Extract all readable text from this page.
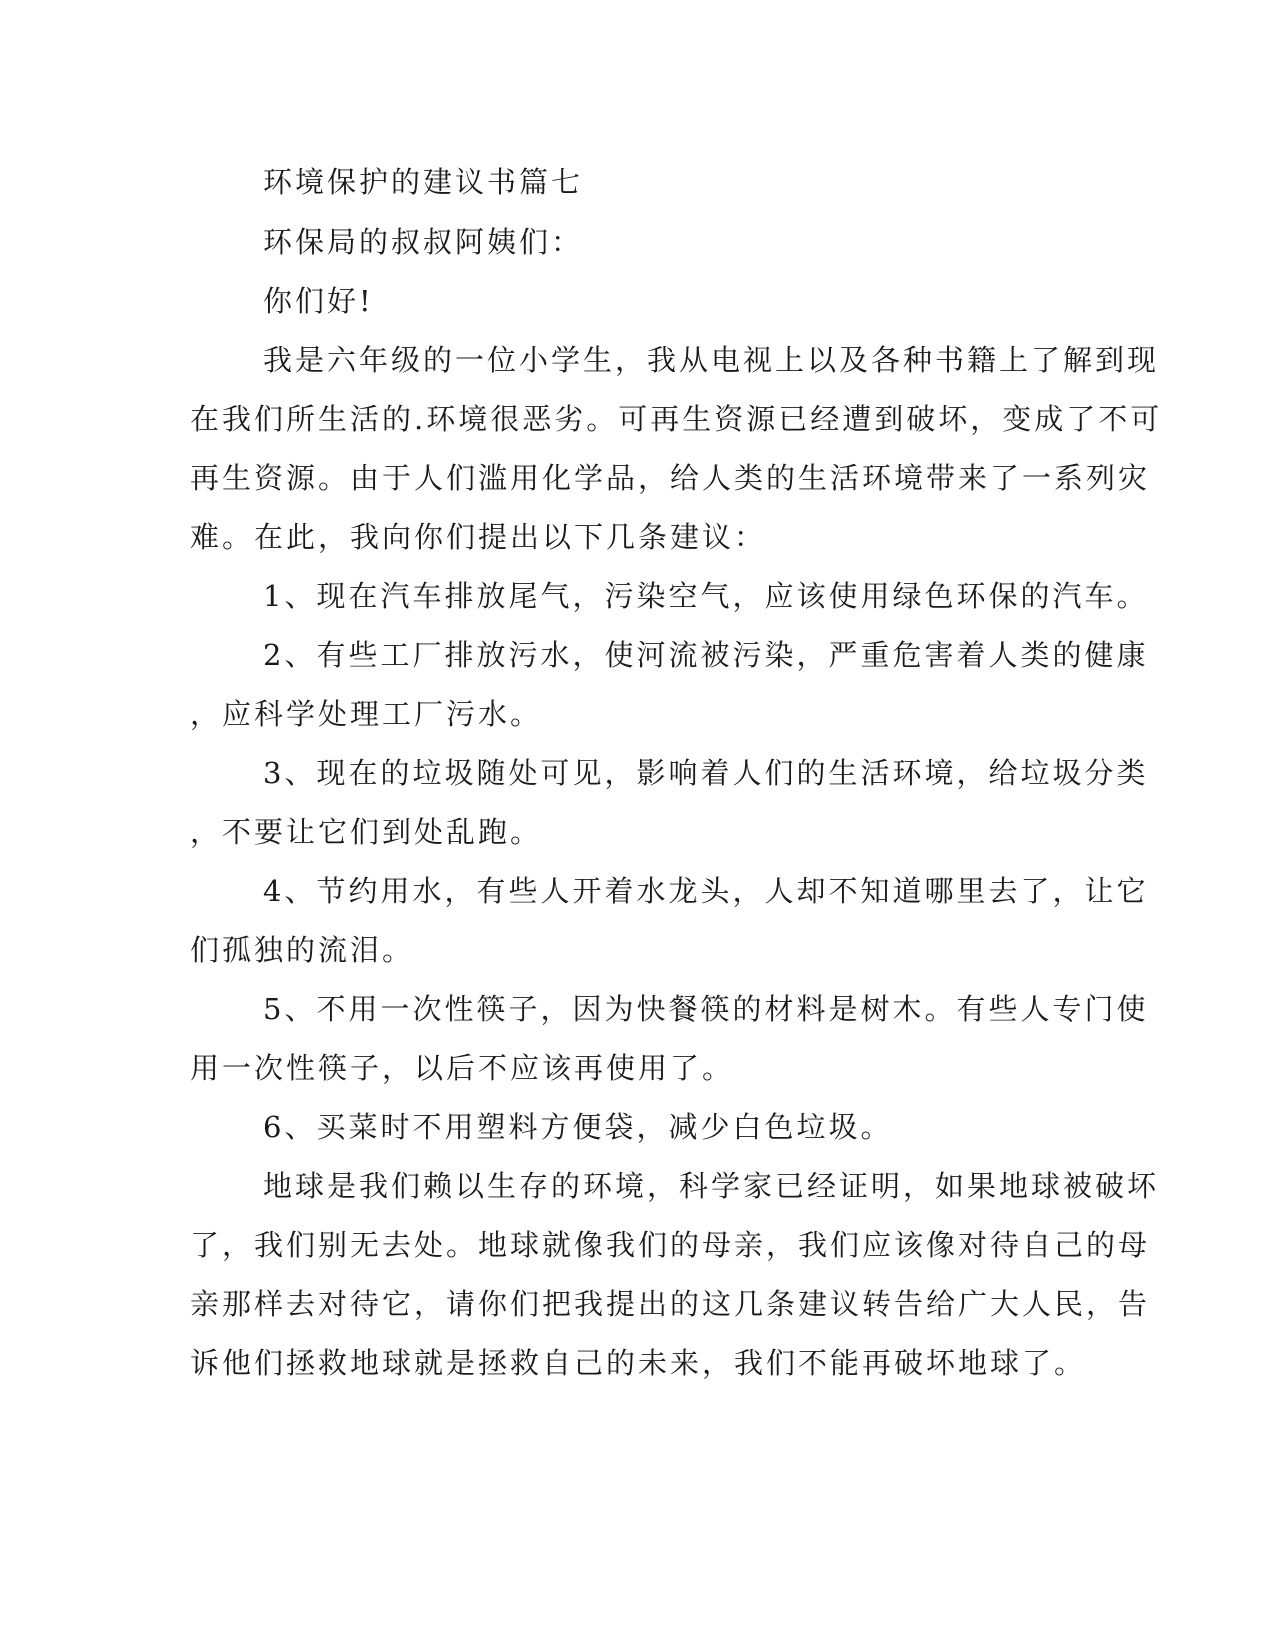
环境保护的建议书篇七
环保局的叔叔阿姨们：
你们好!
我是六年级的一位小学生，我从电视上以及各种书籍上了解到现
在我们所生活的.环境很恶劣。可再生资源已经遭到破坏，变成了不可
再生资源。由于人们滥用化学品，给人类的生活环境带来了一系列灾
难。在此，我向你们提出以下几条建议：
1、现在汽车排放尾气，污染空气，应该使用绿色环保的汽车。
2、有些工厂排放污水，使河流被污染，严重危害着人类的健康
，应科学处理工厂污水。
3、现在的垃圾随处可见，影响着人们的生活环境，给垃圾分类
，不要让它们到处乱跑。
4、节约用水，有些人开着水龙头，人却不知道哪里去了，让它
们孤独的流泪。
5、不用一次性筷子，因为快餐筷的材料是树木。有些人专门使
用一次性筷子，以后不应该再使用了。
6、买菜时不用塑料方便袋，减少白色垃圾。
地球是我们赖以生存的环境，科学家已经证明，如果地球被破坏
了，我们别无去处。地球就像我们的母亲，我们应该像对待自己的母
亲那样去对待它，请你们把我提出的这几条建议转告给广大人民，告
诉他们拯救地球就是拯救自己的未来，我们不能再破坏地球了。
